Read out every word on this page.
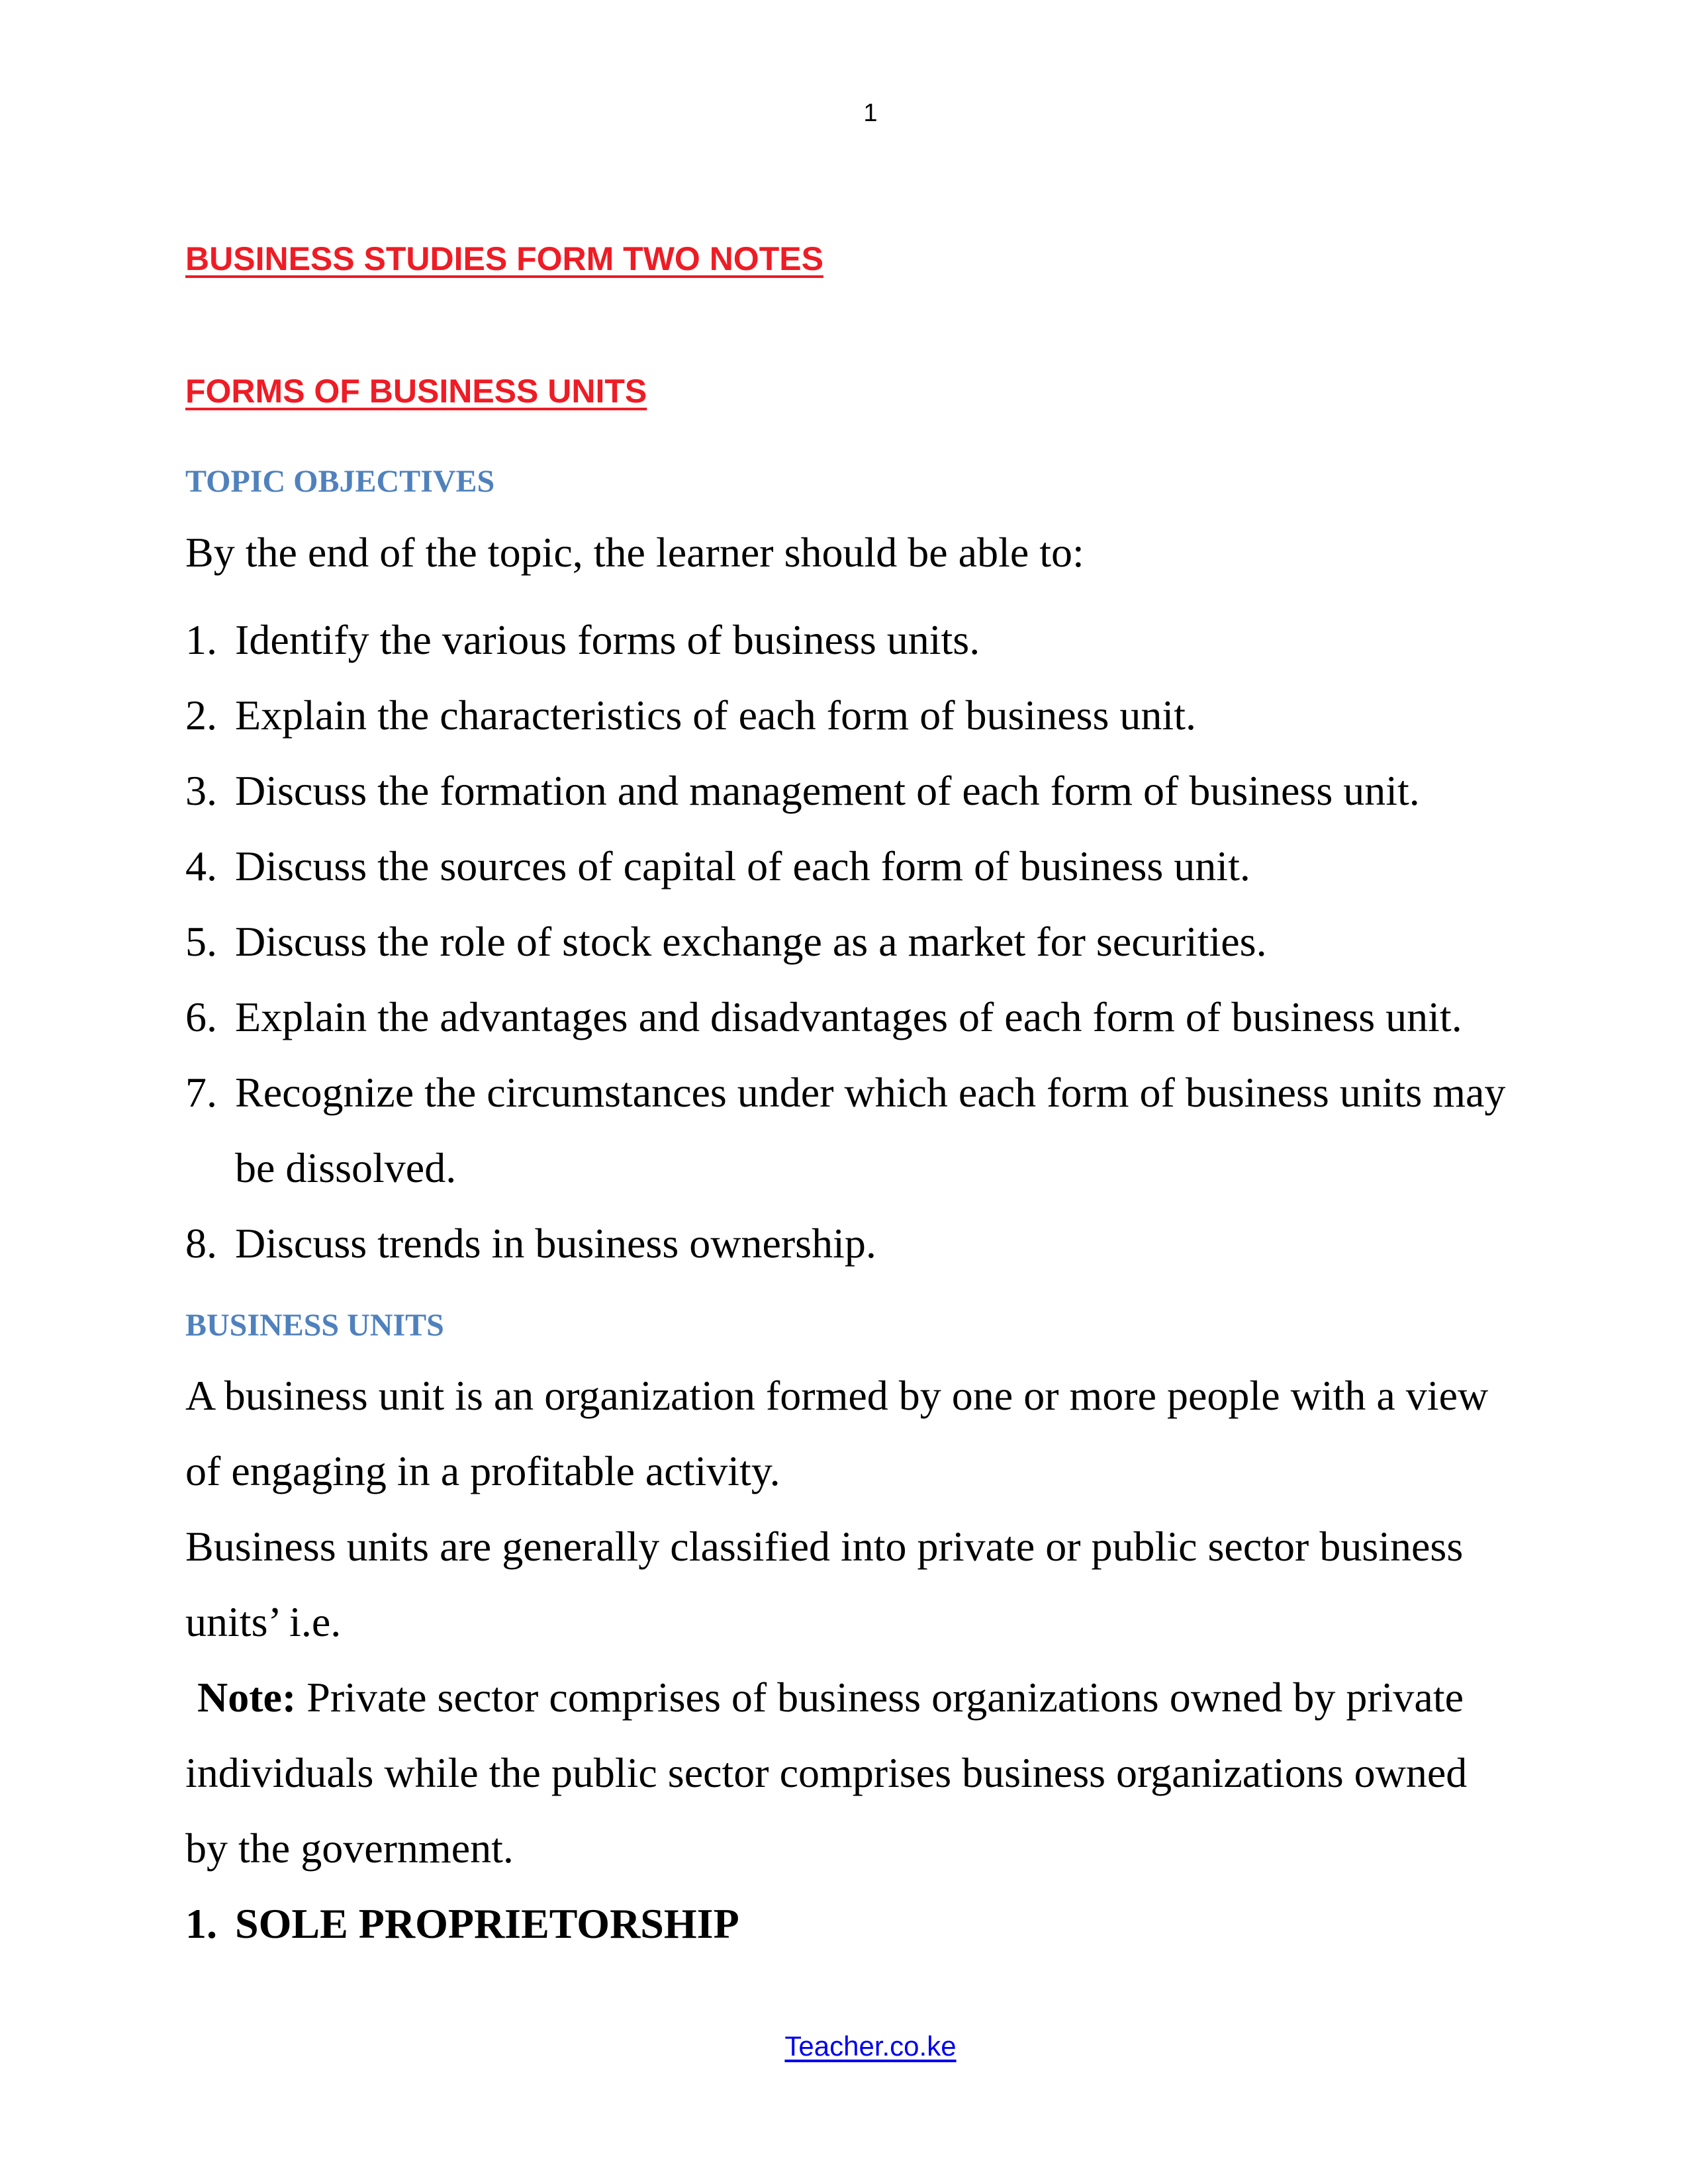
1
BUSINESS STUDIES FORM TWO NOTES
FORMS OF BUSINESS UNITS
TOPIC OBJECTIVES
By the end of the topic, the learner should be able to:
1. Identify the various forms of business units.
2. Explain the characteristics of each form of business unit.
3. Discuss the formation and management of each form of business unit.
4. Discuss the sources of capital of each form of business unit.
5. Discuss the role of stock exchange as a market for securities.
6. Explain the advantages and disadvantages of each form of business unit.
7. Recognize the circumstances under which each form of business units may
be dissolved.
8. Discuss trends in business ownership.
BUSINESS UNITS
A business unit is an organization formed by one or more people with a view
of engaging in a profitable activity.
Business units are generally classified into private or public sector business
units’ i.e.
Note: Private sector comprises of business organizations owned by private
individuals while the public sector comprises business organizations owned
by the government.
1. SOLE PROPRIETORSHIP
Teacher.co.ke
